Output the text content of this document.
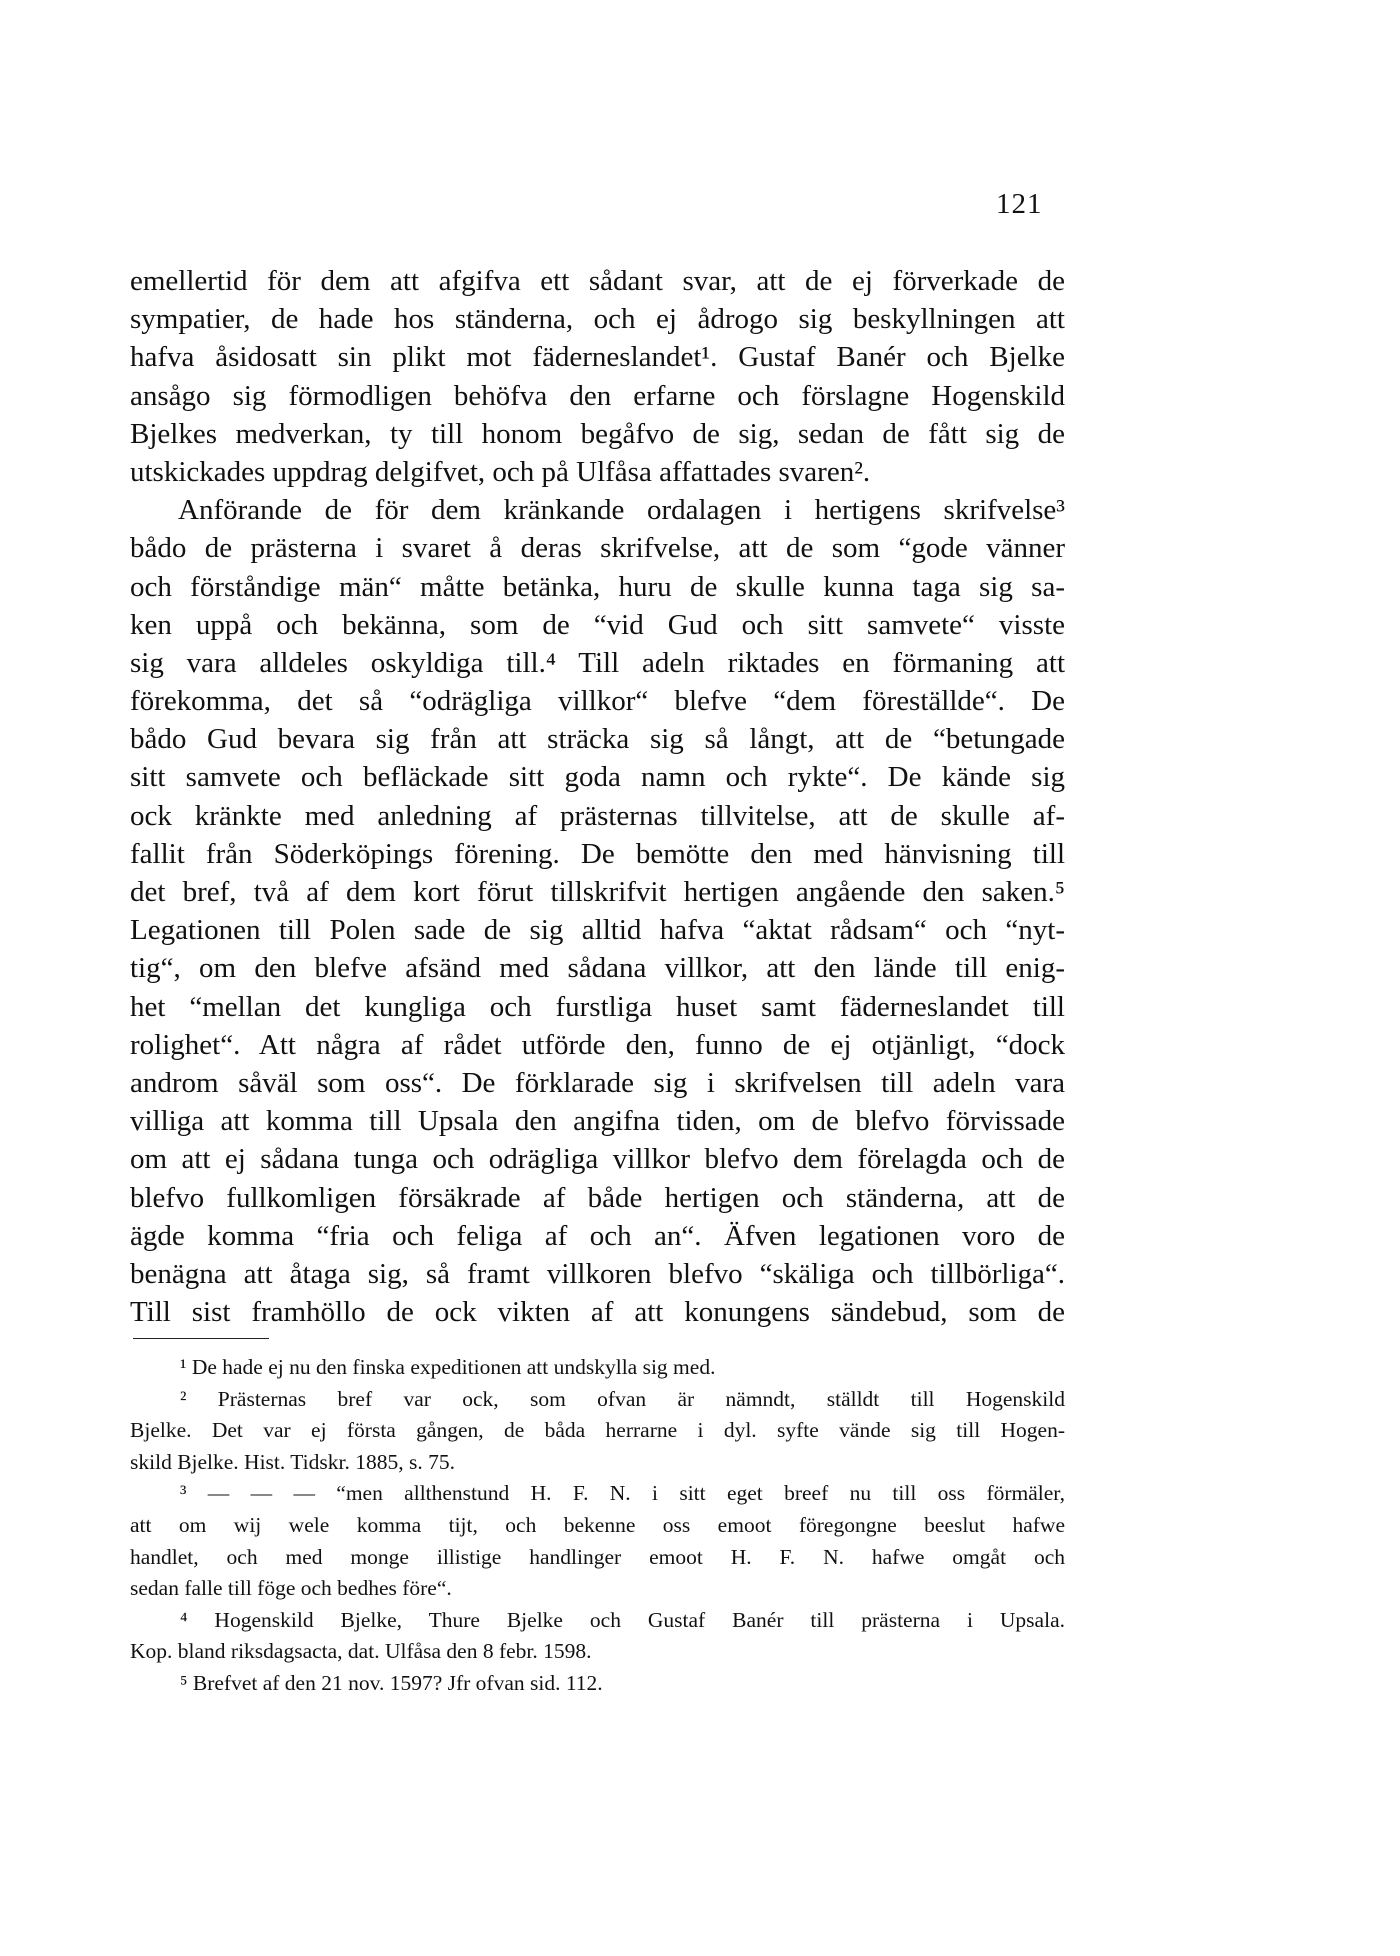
121
emellertid för dem att afgifva ett sådant svar, att de ej förverkade de
sympatier, de hade hos ständerna, och ej ådrogo sig beskyllningen att
hafva åsidosatt sin plikt mot fäderneslandet¹. Gustaf Banér och Bjelke
ansågo sig förmodligen behöfva den erfarne och förslagne Hogenskild
Bjelkes medverkan, ty till honom begåfvo de sig, sedan de fått sig de
utskickades uppdrag delgifvet, och på Ulfåsa affattades svaren².
Anförande de för dem kränkande ordalagen i hertigens skrifvelse³
bådo de prästerna i svaret å deras skrifvelse, att de som “gode vänner
och förståndige män“ måtte betänka, huru de skulle kunna taga sig sa-
ken uppå och bekänna, som de “vid Gud och sitt samvete“ visste
sig vara alldeles oskyldiga till.⁴ Till adeln riktades en förmaning att
förekomma, det så “odrägliga villkor“ blefve “dem föreställde“. De
bådo Gud bevara sig från att sträcka sig så långt, att de “betungade
sitt samvete och befläckade sitt goda namn och rykte“. De kände sig
ock kränkte med anledning af prästernas tillvitelse, att de skulle af-
fallit från Söderköpings förening. De bemötte den med hänvisning till
det bref, två af dem kort förut tillskrifvit hertigen angående den saken.⁵
Legationen till Polen sade de sig alltid hafva “aktat rådsam“ och “nyt-
tig“, om den blefve afsänd med sådana villkor, att den lände till enig-
het “mellan det kungliga och furstliga huset samt fäderneslandet till
rolighet“. Att några af rådet utförde den, funno de ej otjänligt, “dock
androm såväl som oss“. De förklarade sig i skrifvelsen till adeln vara
villiga att komma till Upsala den angifna tiden, om de blefvo förvissade
om att ej sådana tunga och odrägliga villkor blefvo dem förelagda och de
blefvo fullkomligen försäkrade af både hertigen och ständerna, att de
ägde komma “fria och feliga af och an“. Äfven legationen voro de
benägna att åtaga sig, så framt villkoren blefvo “skäliga och tillbörliga“.
Till sist framhöllo de ock vikten af att konungens sändebud, som de
¹ De hade ej nu den finska expeditionen att undskylla sig med.
² Prästernas bref var ock, som ofvan är nämndt, ställdt till Hogenskild
Bjelke. Det var ej första gången, de båda herrarne i dyl. syfte vände sig till Hogen-
skild Bjelke. Hist. Tidskr. 1885, s. 75.
³ — — — “men allthenstund H. F. N. i sitt eget breef nu till oss förmäler,
att om wij wele komma tijt, och bekenne oss emoot föregongne beeslut hafwe
handlet, och med monge illistige handlinger emoot H. F. N. hafwe omgåt och
sedan falle till föge och bedhes före“.
⁴ Hogenskild Bjelke, Thure Bjelke och Gustaf Banér till prästerna i Upsala.
Kop. bland riksdagsacta, dat. Ulfåsa den 8 febr. 1598.
⁵ Brefvet af den 21 nov. 1597? Jfr ofvan sid. 112.
